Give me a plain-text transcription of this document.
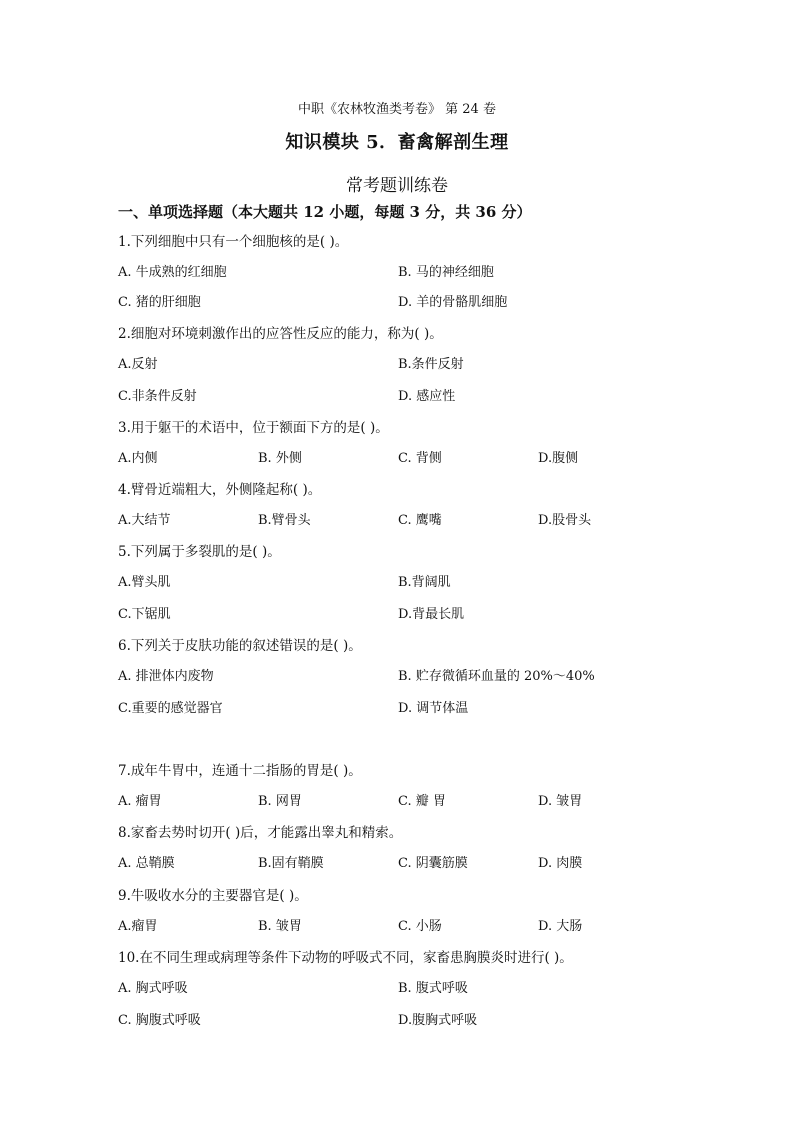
中职《农林牧渔类考卷》 第 24 卷
知识模块 5．畜禽解剖生理
常考题训练卷
一、单项选择题（本大题共 12 小题，每题 3 分，共 36 分）
1.下列细胞中只有一个细胞核的是( )。
A. 牛成熟的红细胞	B. 马的神经细胞
C. 猪的肝细胞	D. 羊的骨骼肌细胞
2.细胞对环境刺激作出的应答性反应的能力，称为( )。
A.反射	B.条件反射
C.非条件反射	D. 感应性
3.用于躯干的术语中，位于额面下方的是( )。
A.内侧	B. 外侧	C. 背侧	D.腹侧
4.臂骨近端粗大，外侧隆起称( )。
A.大结节	B.臂骨头	C. 鹰嘴	D.股骨头
5.下列属于多裂肌的是( )。
A.臂头肌	B.背阔肌
C.下锯肌	D.背最长肌
6.下列关于皮肤功能的叙述错误的是( )。
A. 排泄体内废物	B. 贮存微循环血量的 20%～40%
C.重要的感觉器官	D. 调节体温
7.成年牛胃中，连通十二指肠的胃是( )。
A. 瘤胃	B. 网胃	C. 瓣 胃	D. 皱胃
8.家畜去势时切开( )后，才能露出睾丸和精索。
A. 总鞘膜	B.固有鞘膜	C. 阴囊筋膜	D. 肉膜
9.牛吸收水分的主要器官是( )。
A.瘤胃	B. 皱胃	C. 小肠	D. 大肠
10.在不同生理或病理等条件下动物的呼吸式不同，家畜患胸膜炎时进行( )。
A. 胸式呼吸	B. 腹式呼吸
C. 胸腹式呼吸	D.腹胸式呼吸
